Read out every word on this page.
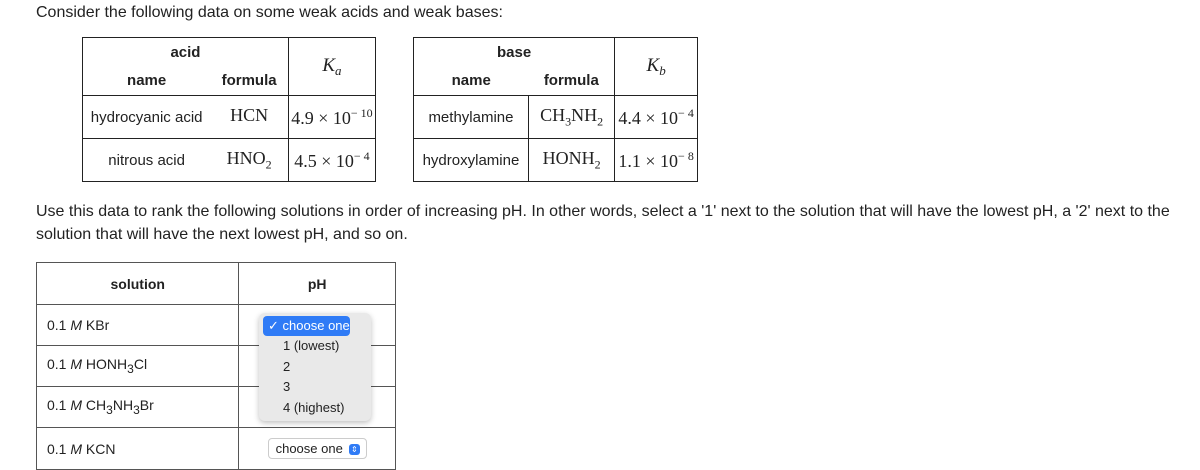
Consider the following data on some weak acids and weak bases:
acid		$K_a$
name	formula	
hydrocyanic acid	HCN	$4.9 \times 10^{- 10}$
nitrous acid	$HNO_2$	$4.5 \times 10^{- 4}$
base		$K_b$
name	formula	
methylamine	$CH_3NH_2$	$4.4 \times 10^{- 4}$
hydroxylamine	$HONH_2$	$1.1 \times 10^{- 8}$
Use this data to rank the following solutions in order of increasing pH. In other words, select a '1' next to the solution that will have the lowest pH, a '2' next to the solution that will have the next lowest pH, and so on.
solution	pH
0.1 M KBr	
0.1 M $HONH_3Cl$	
0.1 M $CH_3NH_3Br$	
0.1 M KCN	choose one ⇕
✓ choose one
1 (lowest)
2
3
4 (highest)
